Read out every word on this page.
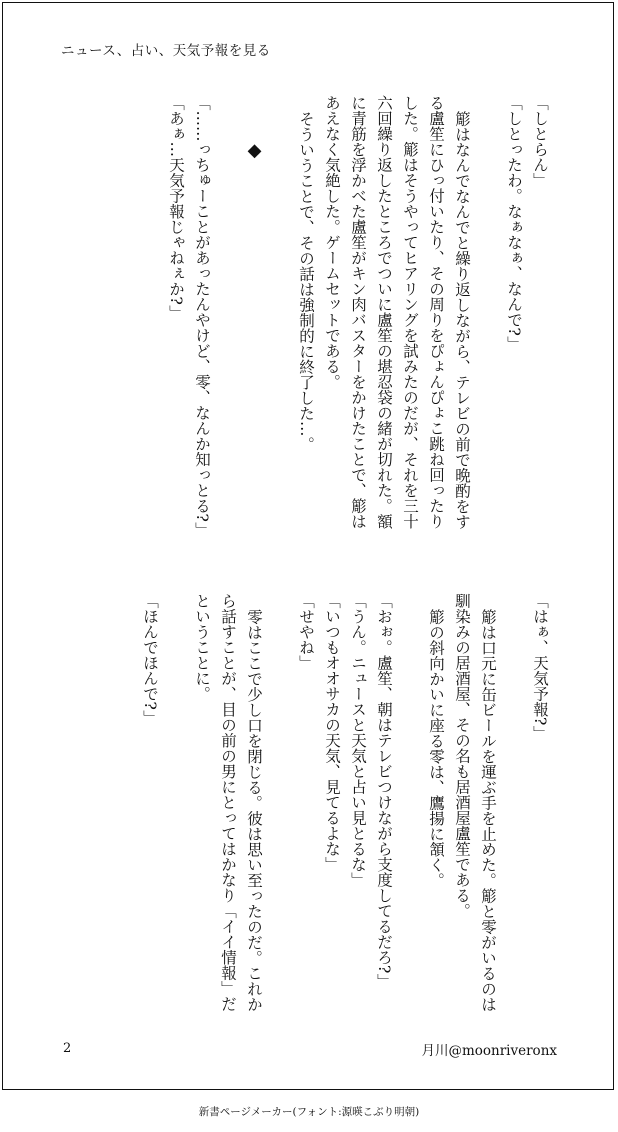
ニュース、占い、天気予報を見る

「しとらん」

「しとったわ。なぁなぁ、なんで?」

簓はなんでなんでと繰り返しながら、テレビの前で晩酌をする盧笙にひっ付いたり、その周りをぴょんぴょこ跳ね回ったりした。簓はそうやってヒアリングを試みたのだが、それを三十六回繰り返したところでついに盧笙の堪忍袋の緒が切れた。額に青筋を浮かべた盧笙がキン肉バスターをかけたことで、簓はあえなく気絶した。ゲームセットである。

そういうことで、その話は強制的に終了した…。

◆

「……っちゅーことがあったんやけど、零、なんか知っとる?」

「あぁ…天気予報じゃねぇか?」

「はぁ、天気予報?」

簓は口元に缶ビールを運ぶ手を止めた。簓と零がいるのは馴染みの居酒屋、その名も居酒屋盧笙である。

簓の斜向かいに座る零は、鷹揚に頷く。

「おぉ。盧笙、朝はテレビつけながら支度してるだろ?」

「うん。ニュースと天気と占い見とるな」

「いつもオオサカの天気、見てるよな」

「せやね」

零はここで少し口を閉じる。彼は思い至ったのだ。これから話すことが、目の前の男にとってはかなり「イイ情報」だということに。

「ほんでほんで?」

2	月川@moonriveronx
新書ページメーカー(フォント:源暎こぶり明朝)
